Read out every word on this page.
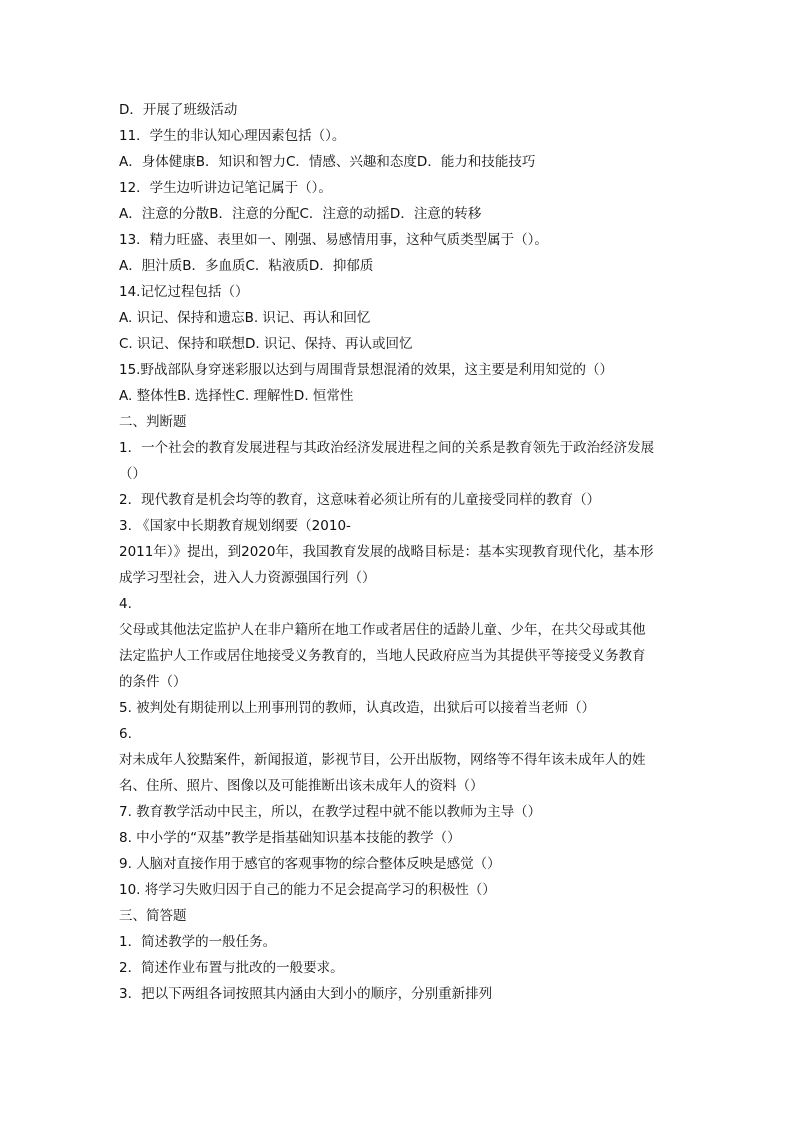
D．开展了班级活动
11．学生的非认知心理因素包括（）。
A．身体健康B．知识和智力C．情感、兴趣和态度D．能力和技能技巧
12．学生边听讲边记笔记属于（）。
A．注意的分散B．注意的分配C．注意的动摇D．注意的转移
13．精力旺盛、表里如一、刚强、易感情用事，这种气质类型属于（）。
A．胆汁质B．多血质C．粘液质D．抑郁质
14.记忆过程包括（）
A. 识记、保持和遗忘B. 识记、再认和回忆
C. 识记、保持和联想D. 识记、保持、再认或回忆
15.野战部队身穿迷彩服以达到与周围背景想混淆的效果，这主要是利用知觉的（）
A. 整体性B. 选择性C. 理解性D. 恒常性
二、判断题
1．一个社会的教育发展进程与其政治经济发展进程之间的关系是教育领先于政治经济发展
（）
2．现代教育是机会均等的教育，这意味着必须让所有的儿童接受同样的教育（）
3. 《国家中长期教育规划纲要（2010-
2011年）》提出，到2020年，我国教育发展的战略目标是：基本实现教育现代化，基本形
成学习型社会，进入人力资源强国行列（）
4.
父母或其他法定监护人在非户籍所在地工作或者居住的适龄儿童、少年，在共父母或其他
法定监护人工作或居住地接受义务教育的，当地人民政府应当为其提供平等接受义务教育
的条件（）
5. 被判处有期徒刑以上刑事刑罚的教师，认真改造，出狱后可以接着当老师（）
6.
对未成年人狡黠案件，新闻报道，影视节目，公开出版物，网络等不得年该未成年人的姓
名、住所、照片、图像以及可能推断出该未成年人的资料（）
7. 教育教学活动中民主，所以，在教学过程中就不能以教师为主导（）
8. 中小学的“双基”教学是指基础知识基本技能的教学（）
9. 人脑对直接作用于感官的客观事物的综合整体反映是感觉（）
10. 将学习失败归因于自己的能力不足会提高学习的积极性（）
三、简答题
1．简述教学的一般任务。
2．简述作业布置与批改的一般要求。
3．把以下两组各词按照其内涵由大到小的顺序，分别重新排列
